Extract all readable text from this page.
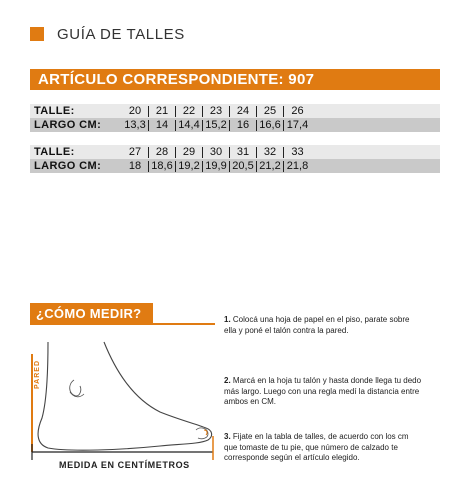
GUÍA DE TALLES
ARTÍCULO CORRESPONDIENTE: 907
TALLE:	20	21	22	23	24	25	26
LARGO CM:	13,3 14 14,4 15,2 16 16,6 17,4
TALLE:	27	28	29	30	31	32	33
LARGO CM:	18 18,6 19,2 19,9 20,5 21,2 21,8
¿CÓMO MEDIR?
PARED
MEDIDA EN CENTÍMETROS
1. Colocá una hoja de papel en el piso, parate sobre ella y poné el talón contra la pared.
2. Marcá en la hoja tu talón y hasta donde llega tu dedo más largo. Luego con una regla medí la distancia entre ambos en CM.
3. Fijate en la tabla de talles, de acuerdo con los cm que tomaste de tu pie, que número de calzado te corresponde según el artículo elegido.
